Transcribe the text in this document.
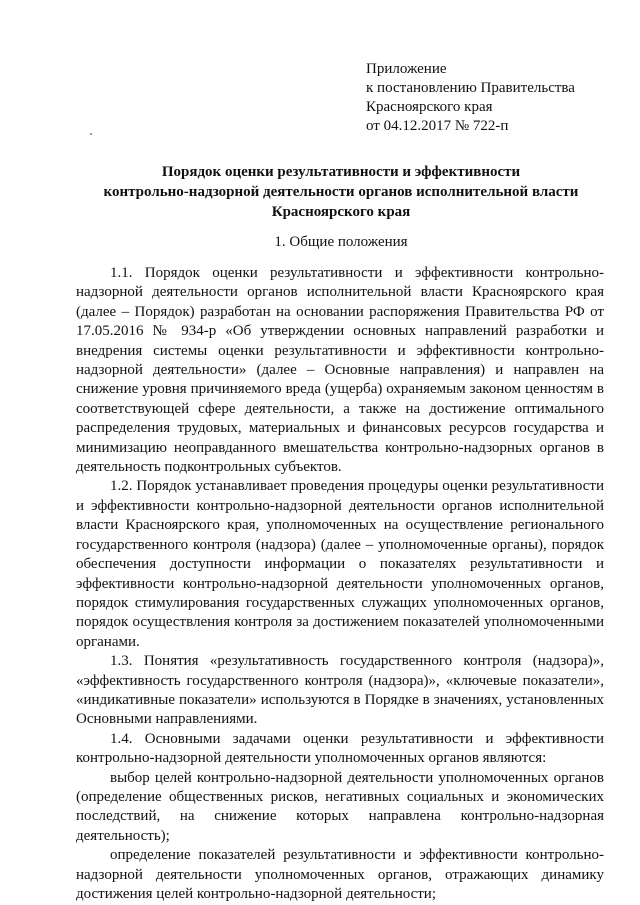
Приложение
к постановлению Правительства
Красноярского края
от 04.12.2017 № 722-п
Порядок оценки результативности и эффективности
контрольно-надзорной деятельности органов исполнительной власти
Красноярского края
1. Общие положения

1.1. Порядок оценки результативности и эффективности контрольно-надзорной деятельности органов исполнительной власти Красноярского края (далее – Порядок) разработан на основании распоряжения Правительства РФ от 17.05.2016 № 934-р «Об утверждении основных направлений разработки и внедрения системы оценки результативности и эффективности контрольно-надзорной деятельности» (далее – Основные направления) и направлен на снижение уровня причиняемого вреда (ущерба) охраняемым законом ценностям в соответствующей сфере деятельности, а также на достижение оптимального распределения трудовых, материальных и финансовых ресурсов государства и минимизацию неоправданного вмешательства контрольно-надзорных органов в деятельность подконтрольных субъектов.

1.2. Порядок устанавливает проведения процедуры оценки результативности и эффективности контрольно-надзорной деятельности органов исполнительной власти Красноярского края, уполномоченных на осуществление регионального государственного контроля (надзора) (далее – уполномоченные органы), порядок обеспечения доступности информации о показателях результативности и эффективности контрольно-надзорной деятельности уполномоченных органов, порядок стимулирования государственных служащих уполномоченных органов, порядок осуществления контроля за достижением показателей уполномоченными органами.

1.3. Понятия «результативность государственного контроля (надзора)», «эффективность государственного контроля (надзора)», «ключевые показатели», «индикативные показатели» используются в Порядке в значениях, установленных Основными направлениями.

1.4. Основными задачами оценки результативности и эффективности контрольно-надзорной деятельности уполномоченных органов являются:

выбор целей контрольно-надзорной деятельности уполномоченных органов (определение общественных рисков, негативных социальных и экономических последствий, на снижение которых направлена контрольно-надзорная деятельность);

определение показателей результативности и эффективности контрольно-надзорной деятельности уполномоченных органов, отражающих динамику достижения целей контрольно-надзорной деятельности;
